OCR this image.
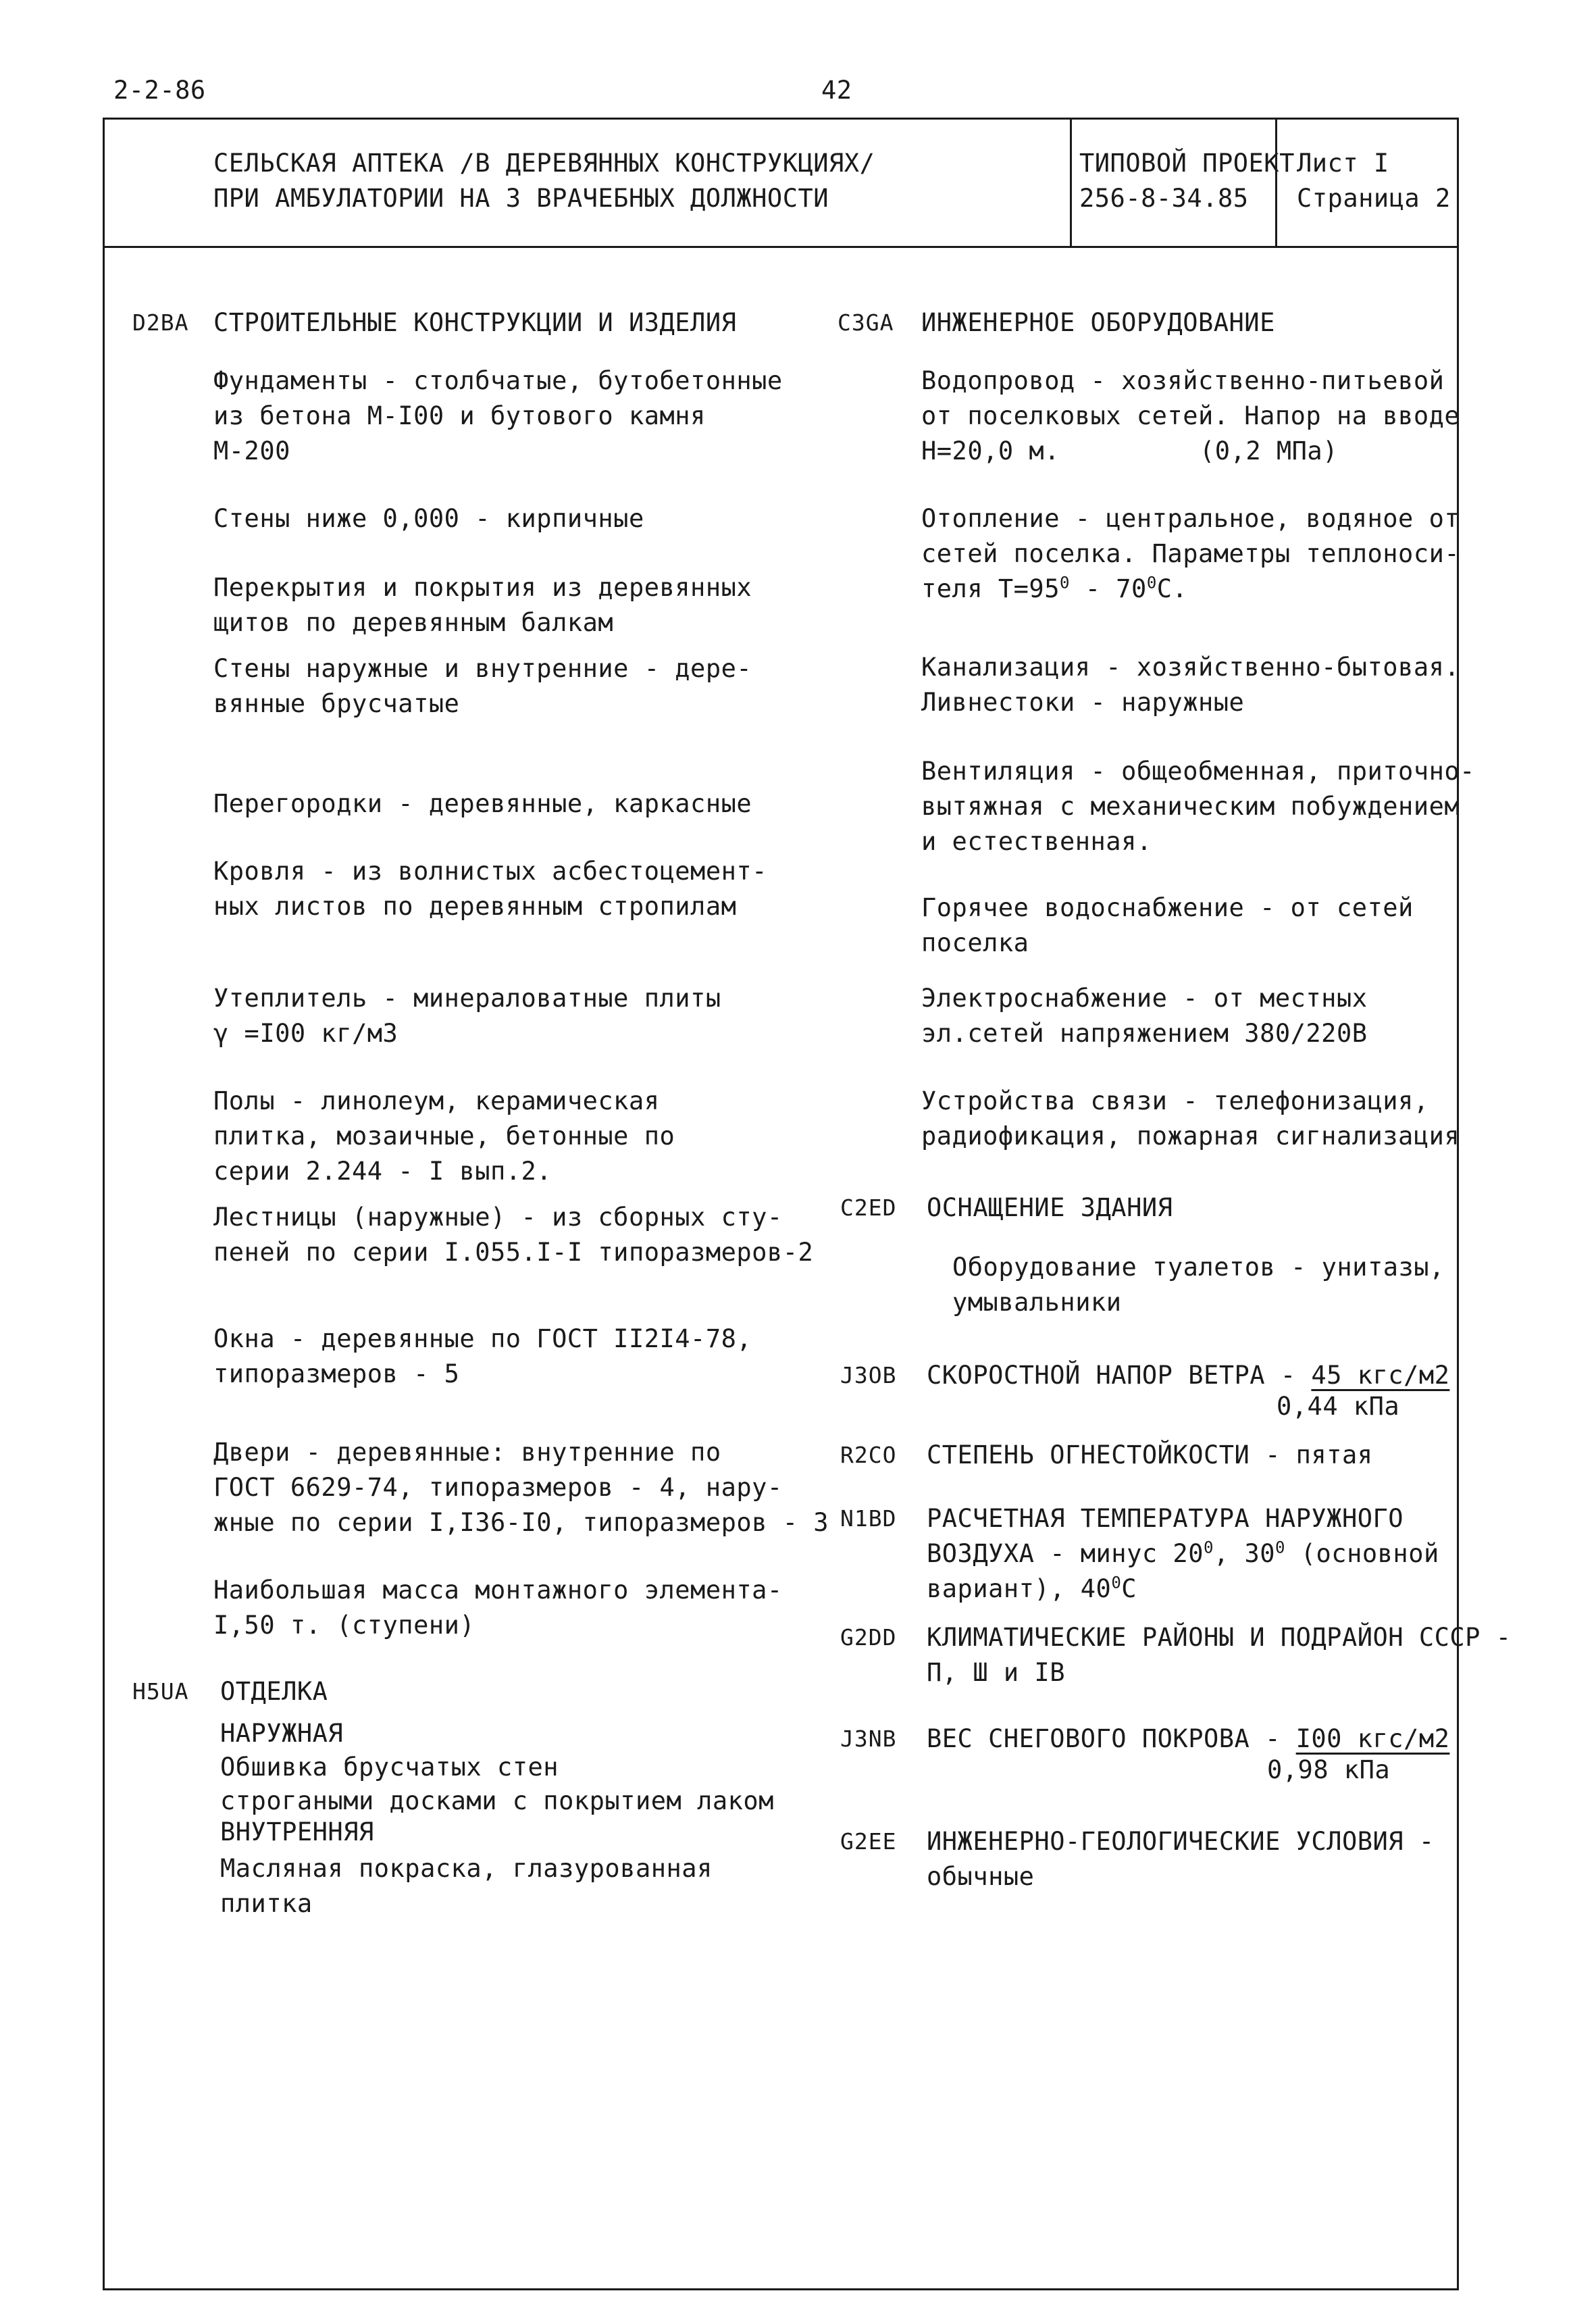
2-2-86	42
СЕЛЬСКАЯ АПТЕКА /В ДЕРЕВЯННЫХ КОНСТРУКЦИЯХ/
ПРИ АМБУЛАТОРИИ НА 3 ВРАЧЕБНЫХ ДОЛЖНОСТИ
ТИПОВОЙ ПРОЕКТ
256-8-34.85
Лист I
Страница 2
D2BA СТРОИТЕЛЬНЫЕ КОНСТРУКЦИИ И ИЗДЕЛИЯ
Фундаменты - столбчатые, бутобетонные
из бетона М-I00 и бутового камня
М-200
Стены ниже 0,000 - кирпичные
Перекрытия и покрытия из деревянных
щитов по деревянным балкам
Стены наружные и внутренние - дере-
вянные брусчатые
Перегородки - деревянные, каркасные
Кровля - из волнистых асбестоцемент-
ных листов по деревянным стропилам
Утеплитель - минераловатные плиты
γ =I00 кг/м3
Полы - линолеум, керамическая
плитка, мозаичные, бетонные по
серии 2.244 - I вып.2.
Лестницы (наружные) - из сборных сту-
пеней по серии I.055.I-I типоразмеров-2
Окна - деревянные по ГОСТ II2I4-78,
типоразмеров - 5
Двери - деревянные: внутренние по
ГОСТ 6629-74, типоразмеров - 4, нару-
жные по серии I,I36-I0, типоразмеров - 3
Наибольшая масса монтажного элемента-
I,50 т. (ступени)
H5UA ОТДЕЛКА
НАРУЖНАЯ
Обшивка брусчатых стен
строгаными досками с покрытием лаком
ВНУТРЕННЯЯ
Масляная покраска, глазурованная
плитка
C3GA ИНЖЕНЕРНОЕ ОБОРУДОВАНИЕ
Водопровод - хозяйственно-питьевой
от поселковых сетей. Напор на вводе
Н=20,0 м.	(0,2 МПа)
Отопление - центральное, водяное от
сетей поселка. Параметры теплоноси-
теля $Т=95^0 - 70^0С$.
Канализация - хозяйственно-бытовая.
Ливнестоки - наружные
Вентиляция - общеобменная, приточно-
вытяжная с механическим побуждением
и естественная.
Горячее водоснабжение - от сетей
поселка
Электроснабжение - от местных
эл.сетей напряжением 380/220В
Устройства связи - телефонизация,
радиофикация, пожарная сигнализация
C2ED ОСНАЩЕНИЕ ЗДАНИЯ
Оборудование туалетов - унитазы,
умывальники
J3OB СКОРОСТНОЙ НАПОР ВЕТРА - 45 кгс/м2
0,44 кПа
R2CO СТЕПЕНЬ ОГНЕСТОЙКОСТИ - пятая
N1BD РАСЧЕТНАЯ ТЕМПЕРАТУРА НАРУЖНОГО
ВОЗДУХА - минус $20^0$, $30^0$ (основной
вариант), $40^0С$
G2DD КЛИМАТИЧЕСКИЕ РАЙОНЫ И ПОДРАЙОН СССР -
П, Ш и IВ
J3NB ВЕС СНЕГОВОГО ПОКРОВА - I00 кгс/м2
0,98 кПа
G2EE ИНЖЕНЕРНО-ГЕОЛОГИЧЕСКИЕ УСЛОВИЯ -
обычные
